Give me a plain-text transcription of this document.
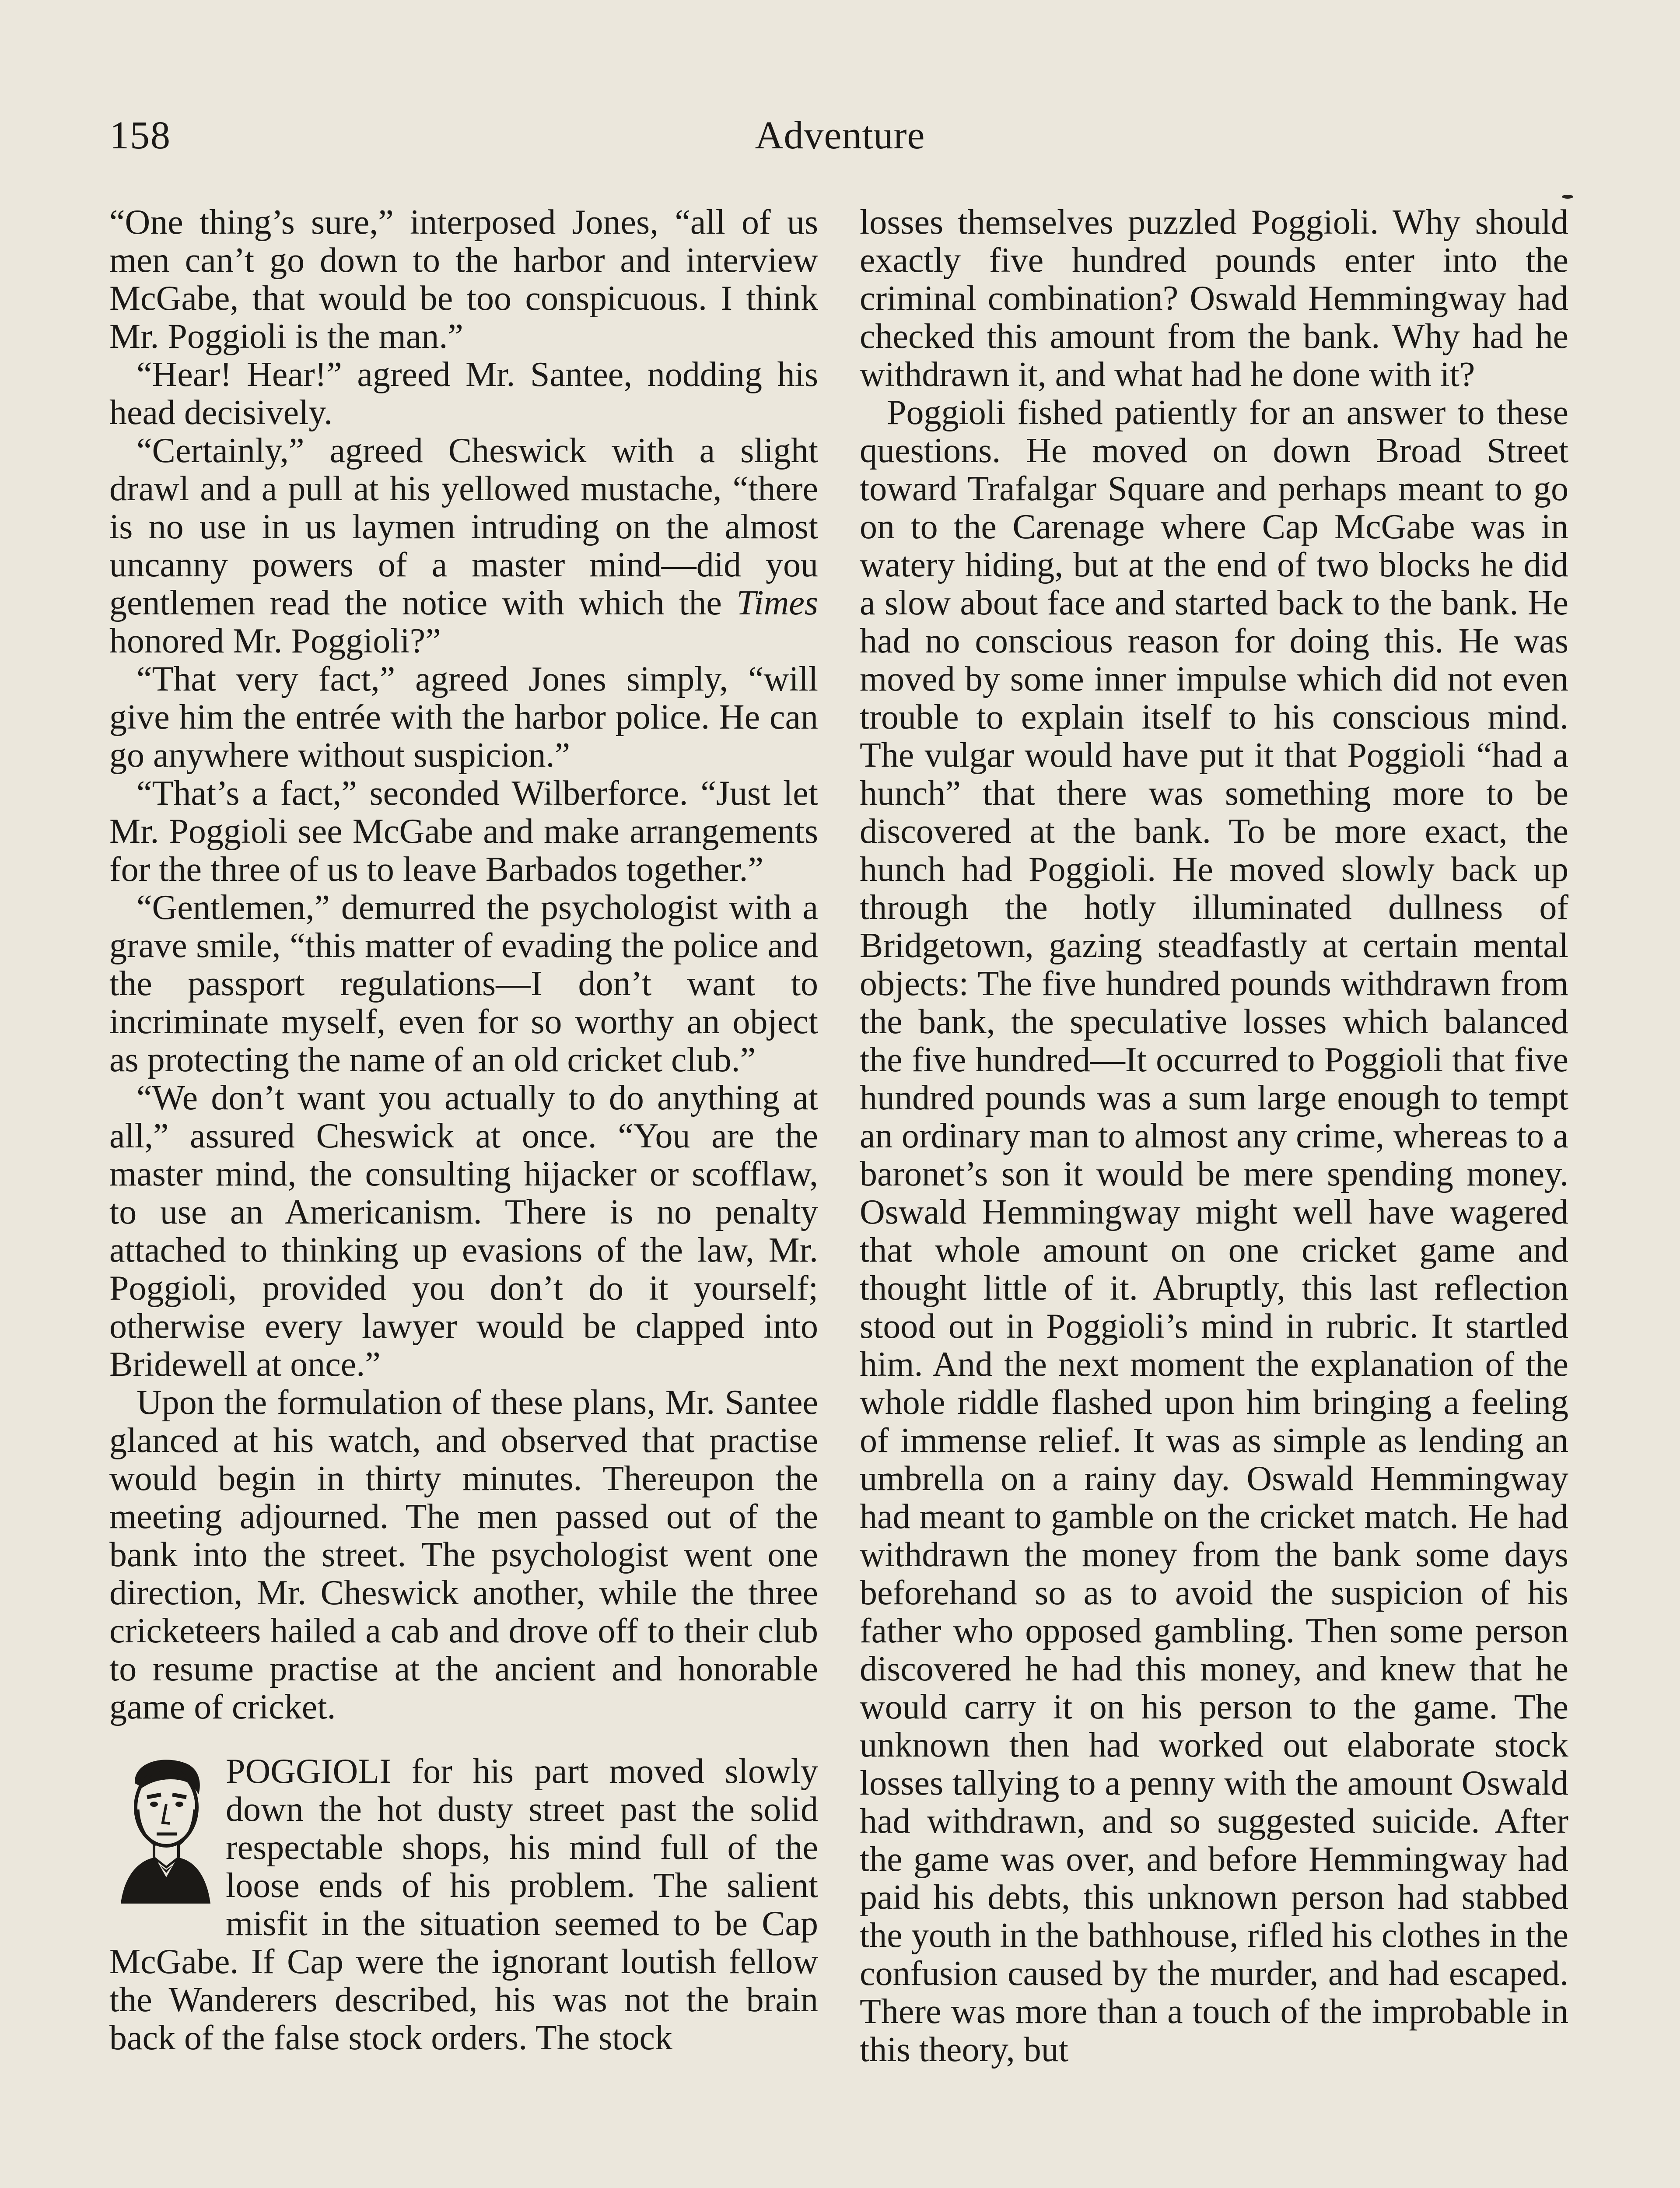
158	Adventure

“One thing’s sure,” interposed Jones, “all of us men can’t go down to the harbor and interview McGabe, that would be too conspicuous. I think Mr. Poggioli is the man.”

“Hear! Hear!” agreed Mr. Santee, nodding his head decisively.

“Certainly,” agreed Cheswick with a slight drawl and a pull at his yellowed mustache, “there is no use in us laymen intruding on the almost uncanny powers of a master mind—did you gentlemen read the notice with which the Times honored Mr. Poggioli?”

“That very fact,” agreed Jones simply, “will give him the entrée with the harbor police. He can go anywhere without suspicion.”

“That’s a fact,” seconded Wilberforce. “Just let Mr. Poggioli see McGabe and make arrangements for the three of us to leave Barbados together.”

“Gentlemen,” demurred the psychologist with a grave smile, “this matter of evading the police and the passport regulations—I don’t want to incriminate myself, even for so worthy an object as protecting the name of an old cricket club.”

“We don’t want you actually to do anything at all,” assured Cheswick at once. “You are the master mind, the consulting hijacker or scofflaw, to use an Americanism. There is no penalty attached to thinking up evasions of the law, Mr. Poggioli, provided you don’t do it yourself; otherwise every lawyer would be clapped into Bridewell at once.”

Upon the formulation of these plans, Mr. Santee glanced at his watch, and observed that practise would begin in thirty minutes. Thereupon the meeting adjourned. The men passed out of the bank into the street. The psychologist went one direction, Mr. Cheswick another, while the three cricketeers hailed a cab and drove off to their club to resume practise at the ancient and honorable game of cricket.

POGGIOLI for his part moved slowly down the hot dusty street past the solid respectable shops, his mind full of the loose ends of his problem. The salient misfit in the situation seemed to be Cap McGabe. If Cap were the ignorant loutish fellow the Wanderers described, his was not the brain back of the false stock orders. The stock

losses themselves puzzled Poggioli. Why should exactly five hundred pounds enter into the criminal combination? Oswald Hemmingway had checked this amount from the bank. Why had he withdrawn it, and what had he done with it?

Poggioli fished patiently for an answer to these questions. He moved on down Broad Street toward Trafalgar Square and perhaps meant to go on to the Carenage where Cap McGabe was in watery hiding, but at the end of two blocks he did a slow about face and started back to the bank. He had no conscious reason for doing this. He was moved by some inner impulse which did not even trouble to explain itself to his conscious mind. The vulgar would have put it that Poggioli “had a hunch” that there was something more to be discovered at the bank. To be more exact, the hunch had Poggioli. He moved slowly back up through the hotly illuminated dullness of Bridgetown, gazing steadfastly at certain mental objects: The five hundred pounds withdrawn from the bank, the speculative losses which balanced the five hundred—It occurred to Poggioli that five hundred pounds was a sum large enough to tempt an ordinary man to almost any crime, whereas to a baronet’s son it would be mere spending money. Oswald Hemmingway might well have wagered that whole amount on one cricket game and thought little of it. Abruptly, this last reflection stood out in Poggioli’s mind in rubric. It startled him. And the next moment the explanation of the whole riddle flashed upon him bringing a feeling of immense relief. It was as simple as lending an umbrella on a rainy day. Oswald Hemmingway had meant to gamble on the cricket match. He had withdrawn the money from the bank some days beforehand so as to avoid the suspicion of his father who opposed gambling. Then some person discovered he had this money, and knew that he would carry it on his person to the game. The unknown then had worked out elaborate stock losses tallying to a penny with the amount Oswald had withdrawn, and so suggested suicide. After the game was over, and before Hemmingway had paid his debts, this unknown person had stabbed the youth in the bathhouse, rifled his clothes in the confusion caused by the murder, and had escaped. There was more than a touch of the improbable in this theory, but
